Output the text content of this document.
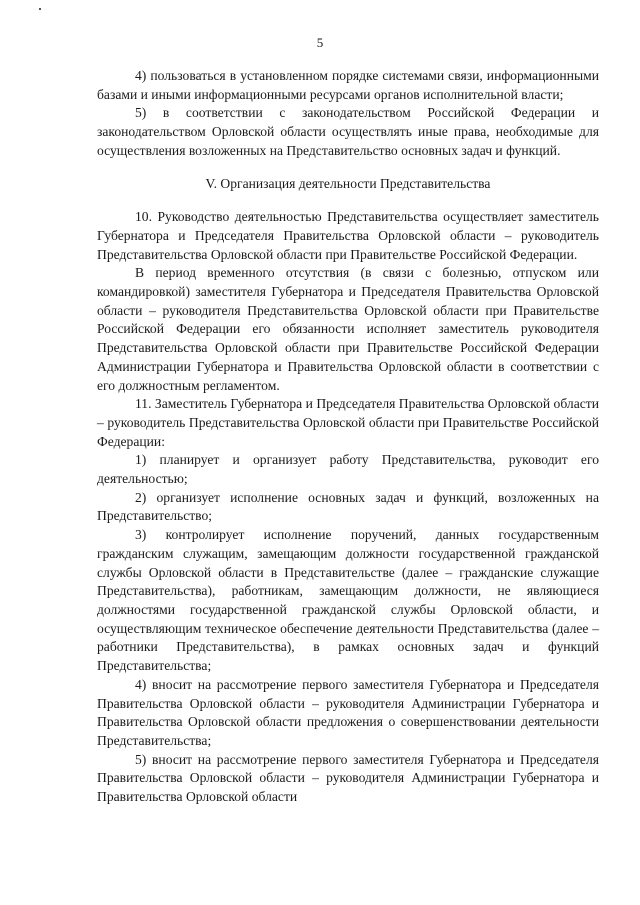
5

4) пользоваться в установленном порядке системами связи, информационными базами и иными информационными ресурсами органов исполнительной власти;

5) в соответствии с законодательством Российской Федерации и законодательством Орловской области осуществлять иные права, необходимые для осуществления возложенных на Представительство основных задач и функций.

V. Организация деятельности Представительства

10. Руководство деятельностью Представительства осуществляет заместитель Губернатора и Председателя Правительства Орловской области – руководитель Представительства Орловской области при Правительстве Российской Федерации.

В период временного отсутствия (в связи с болезнью, отпуском или командировкой) заместителя Губернатора и Председателя Правительства Орловской области – руководителя Представительства Орловской области при Правительстве Российской Федерации его обязанности исполняет заместитель руководителя Представительства Орловской области при Правительстве Российской Федерации Администрации Губернатора и Правительства Орловской области в соответствии с его должностным регламентом.

11. Заместитель Губернатора и Председателя Правительства Орловской области – руководитель Представительства Орловской области при Правительстве Российской Федерации:

1) планирует и организует работу Представительства, руководит его деятельностью;

2) организует исполнение основных задач и функций, возложенных на Представительство;

3) контролирует исполнение поручений, данных государственным гражданским служащим, замещающим должности государственной гражданской службы Орловской области в Представительстве (далее – гражданские служащие Представительства), работникам, замещающим должности, не являющиеся должностями государственной гражданской службы Орловской области, и осуществляющим техническое обеспечение деятельности Представительства (далее – работники Представительства), в рамках основных задач и функций Представительства;

4) вносит на рассмотрение первого заместителя Губернатора и Председателя Правительства Орловской области – руководителя Администрации Губернатора и Правительства Орловской области предложения о совершенствовании деятельности Представительства;

5) вносит на рассмотрение первого заместителя Губернатора и Председателя Правительства Орловской области – руководителя Администрации Губернатора и Правительства Орловской области
